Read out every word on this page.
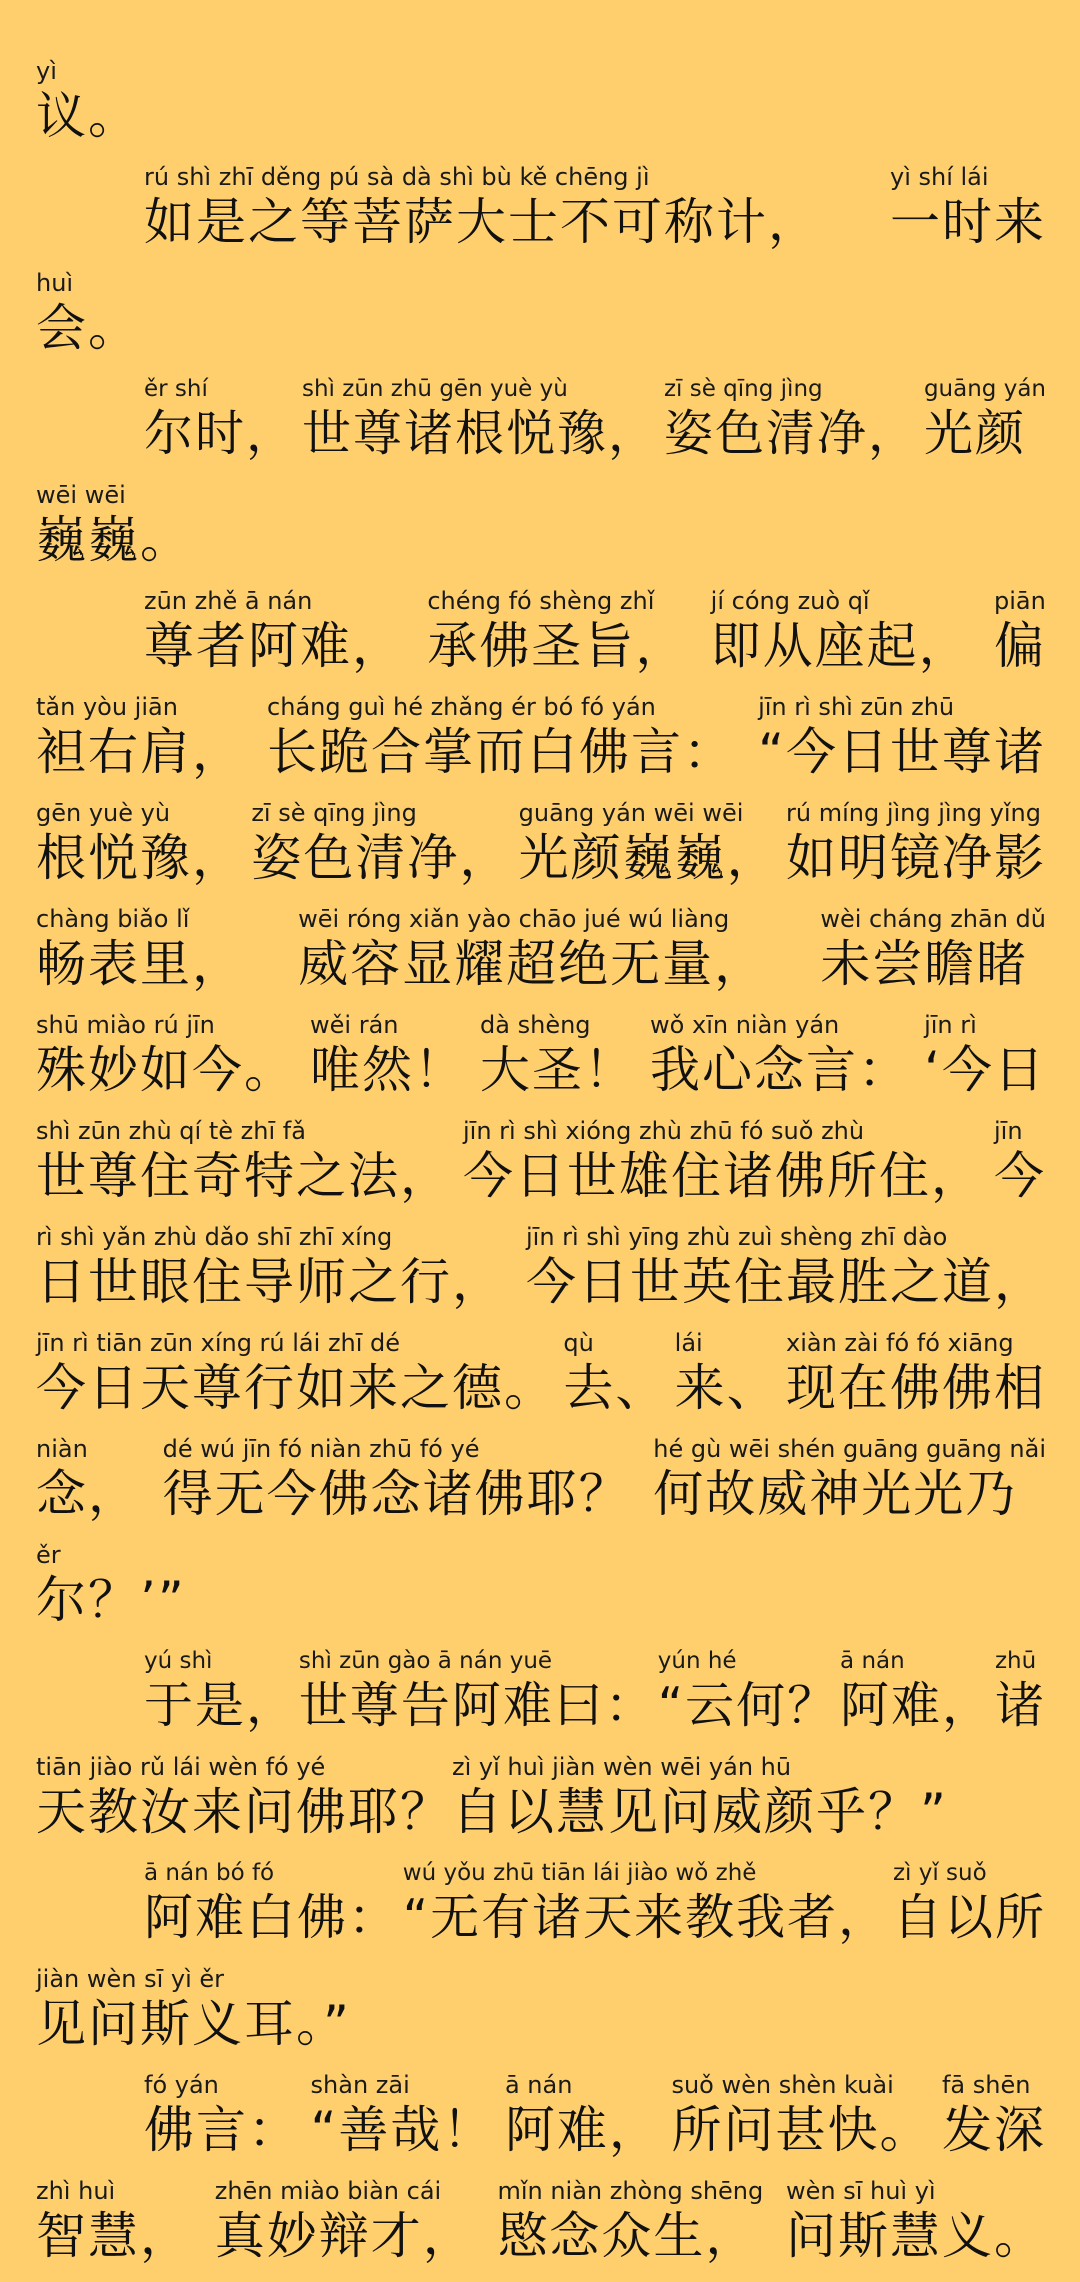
yì
议。
rú shì zhī děng pú sà dà shì bù kě chēng jì
如是之等菩萨大士不可称计，
yì shí lái
一时来
huì
会。
ěr shí
尔时，
shì zūn zhū gēn yuè yù
世尊诸根悦豫，
zī sè qīng jìng
姿色清净，
guāng yán
光颜
wēi wēi
巍巍。
zūn zhě ā nán
尊者阿难，
chéng fó shèng zhǐ
承佛圣旨，
jí cóng zuò qǐ
即从座起，
piān
偏
tǎn yòu jiān
袒右肩，
cháng guì hé zhǎng ér bó fó yán
长跪合掌而白佛言：
jīn rì shì zūn zhū
“今日世尊诸
gēn yuè yù
根悦豫，
zī sè qīng jìng
姿色清净，
guāng yán wēi wēi
光颜巍巍，
rú míng jìng jìng yǐng
如明镜净影
chàng biǎo lǐ
畅表里，
wēi róng xiǎn yào chāo jué wú liàng
威容显耀超绝无量，
wèi cháng zhān dǔ
未尝瞻睹
shū miào rú jīn
殊妙如今。
wěi rán
唯然！
dà shèng
大圣！
wǒ xīn niàn yán
我心念言：
jīn rì
‘今日
shì zūn zhù qí tè zhī fǎ
世尊住奇特之法，
jīn rì shì xióng zhù zhū fó suǒ zhù
今日世雄住诸佛所住，
jīn
今
rì shì yǎn zhù dǎo shī zhī xíng
日世眼住导师之行，
jīn rì shì yīng zhù zuì shèng zhī dào
今日世英住最胜之道，
jīn rì tiān zūn xíng rú lái zhī dé
今日天尊行如来之德。
qù
去、
lái
来、
xiàn zài fó fó xiāng
现在佛佛相
niàn
念，
dé wú jīn fó niàn zhū fó yé
得无今佛念诸佛耶？
hé gù wēi shén guāng guāng nǎi
何故威神光光乃
ěr
尔？’”
yú shì
于是，
shì zūn gào ā nán yuē
世尊告阿难曰：
yún hé
“云何？
ā nán
阿难，
zhū
诸
tiān jiào rǔ lái wèn fó yé
天教汝来问佛耶？
zì yǐ huì jiàn wèn wēi yán hū
自以慧见问威颜乎？”
ā nán bó fó
阿难白佛：
wú yǒu zhū tiān lái jiào wǒ zhě
“无有诸天来教我者，
zì yǐ suǒ
自以所
jiàn wèn sī yì ěr
见问斯义耳。”
fó yán
佛言：
shàn zāi
“善哉！
ā nán
阿难，
suǒ wèn shèn kuài
所问甚快。
fā shēn
发深
zhì huì
智慧，
zhēn miào biàn cái
真妙辩才，
mǐn niàn zhòng shēng
愍念众生，
wèn sī huì yì
问斯慧义。
